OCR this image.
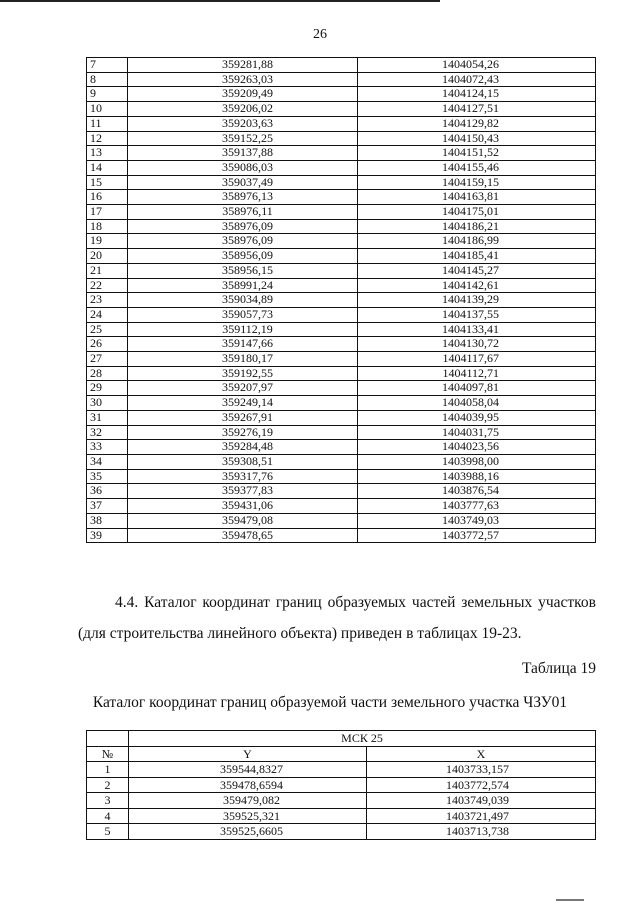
26
7	359281,88	1404054,26
8	359263,03	1404072,43
9	359209,49	1404124,15
10	359206,02	1404127,51
11	359203,63	1404129,82
12	359152,25	1404150,43
13	359137,88	1404151,52
14	359086,03	1404155,46
15	359037,49	1404159,15
16	358976,13	1404163,81
17	358976,11	1404175,01
18	358976,09	1404186,21
19	358976,09	1404186,99
20	358956,09	1404185,41
21	358956,15	1404145,27
22	358991,24	1404142,61
23	359034,89	1404139,29
24	359057,73	1404137,55
25	359112,19	1404133,41
26	359147,66	1404130,72
27	359180,17	1404117,67
28	359192,55	1404112,71
29	359207,97	1404097,81
30	359249,14	1404058,04
31	359267,91	1404039,95
32	359276,19	1404031,75
33	359284,48	1404023,56
34	359308,51	1403998,00
35	359317,76	1403988,16
36	359377,83	1403876,54
37	359431,06	1403777,63
38	359479,08	1403749,03
39	359478,65	1403772,57
4.4. Каталог координат границ образуемых частей земельных участков
(для строительства линейного объекта) приведен в таблицах 19-23.
Таблица 19
Каталог координат границ образуемой части земельного участка ЧЗУ01
	МСК 25	
№	Y	X
1	359544,8327	1403733,157
2	359478,6594	1403772,574
3	359479,082	1403749,039
4	359525,321	1403721,497
5	359525,6605	1403713,738
